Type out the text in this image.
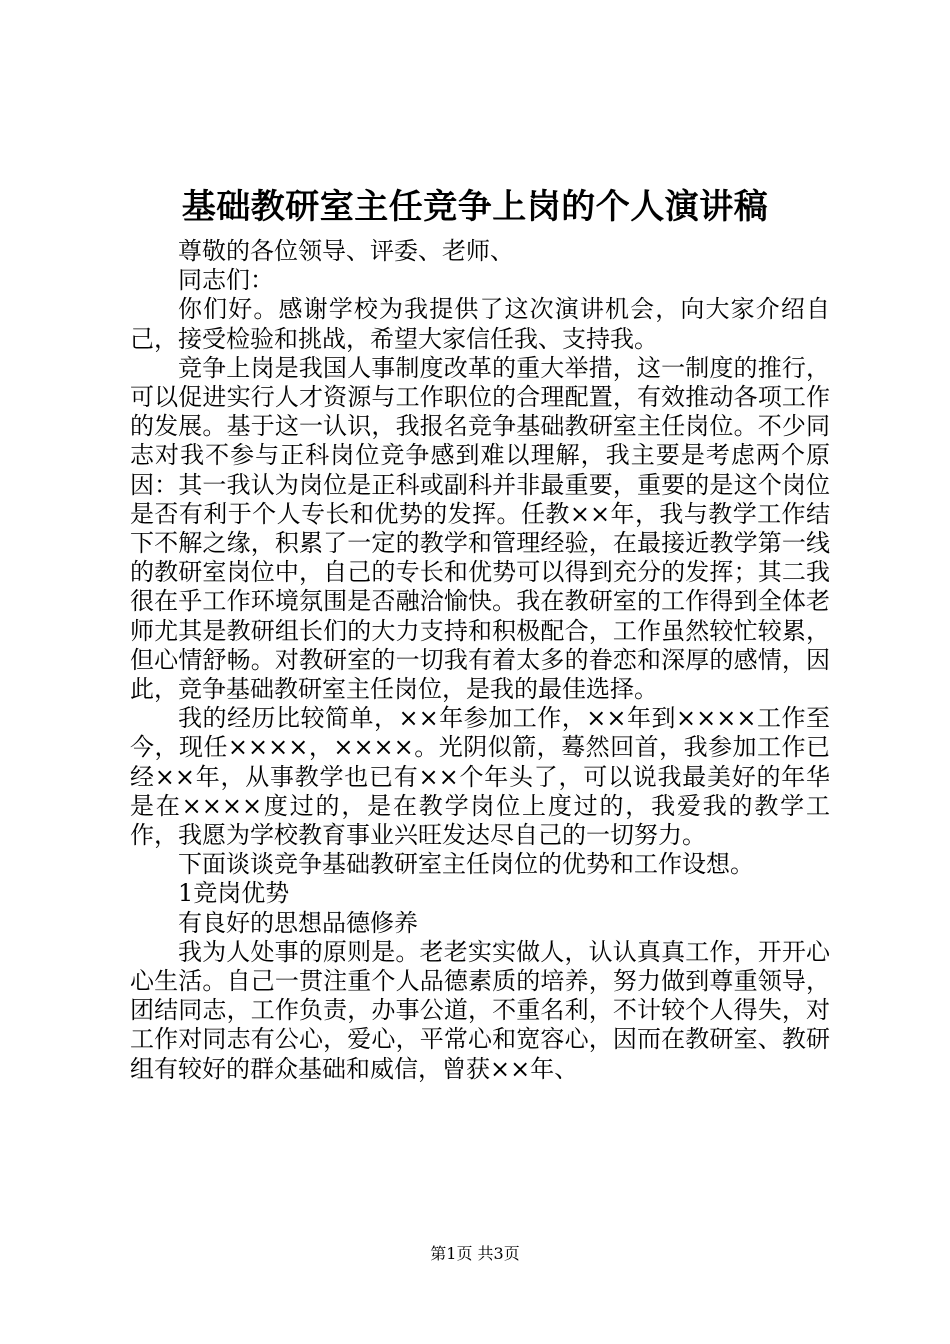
基础教研室主任竞争上岗的个人演讲稿

尊敬的各位领导、评委、老师、

同志们：

你们好。感谢学校为我提供了这次演讲机会，向大家介绍自己，接受检验和挑战，希望大家信任我、支持我。

竞争上岗是我国人事制度改革的重大举措，这一制度的推行，可以促进实行人才资源与工作职位的合理配置，有效推动各项工作的发展。基于这一认识，我报名竞争基础教研室主任岗位。不少同志对我不参与正科岗位竞争感到难以理解，我主要是考虑两个原因：其一我认为岗位是正科或副科并非最重要，重要的是这个岗位是否有利于个人专长和优势的发挥。任教××年，我与教学工作结下不解之缘，积累了一定的教学和管理经验，在最接近教学第一线的教研室岗位中，自己的专长和优势可以得到充分的发挥；其二我很在乎工作环境氛围是否融洽愉快。我在教研室的工作得到全体老师尤其是教研组长们的大力支持和积极配合，工作虽然较忙较累，但心情舒畅。对教研室的一切我有着太多的眷恋和深厚的感情，因此，竞争基础教研室主任岗位，是我的最佳选择。

我的经历比较简单，××年参加工作，××年到××××工作至今，现任××××，××××。光阴似箭，蓦然回首，我参加工作已经××年，从事教学也已有××个年头了，可以说我最美好的年华是在××××度过的，是在教学岗位上度过的，我爱我的教学工作，我愿为学校教育事业兴旺发达尽自己的一切努力。

下面谈谈竞争基础教研室主任岗位的优势和工作设想。

1竞岗优势

有良好的思想品德修养

我为人处事的原则是。老老实实做人，认认真真工作，开开心心生活。自己一贯注重个人品德素质的培养，努力做到尊重领导，团结同志，工作负责，办事公道，不重名利，不计较个人得失，对工作对同志有公心，爱心，平常心和宽容心，因而在教研室、教研组有较好的群众基础和威信，曾获××年、

第1页 共3页
